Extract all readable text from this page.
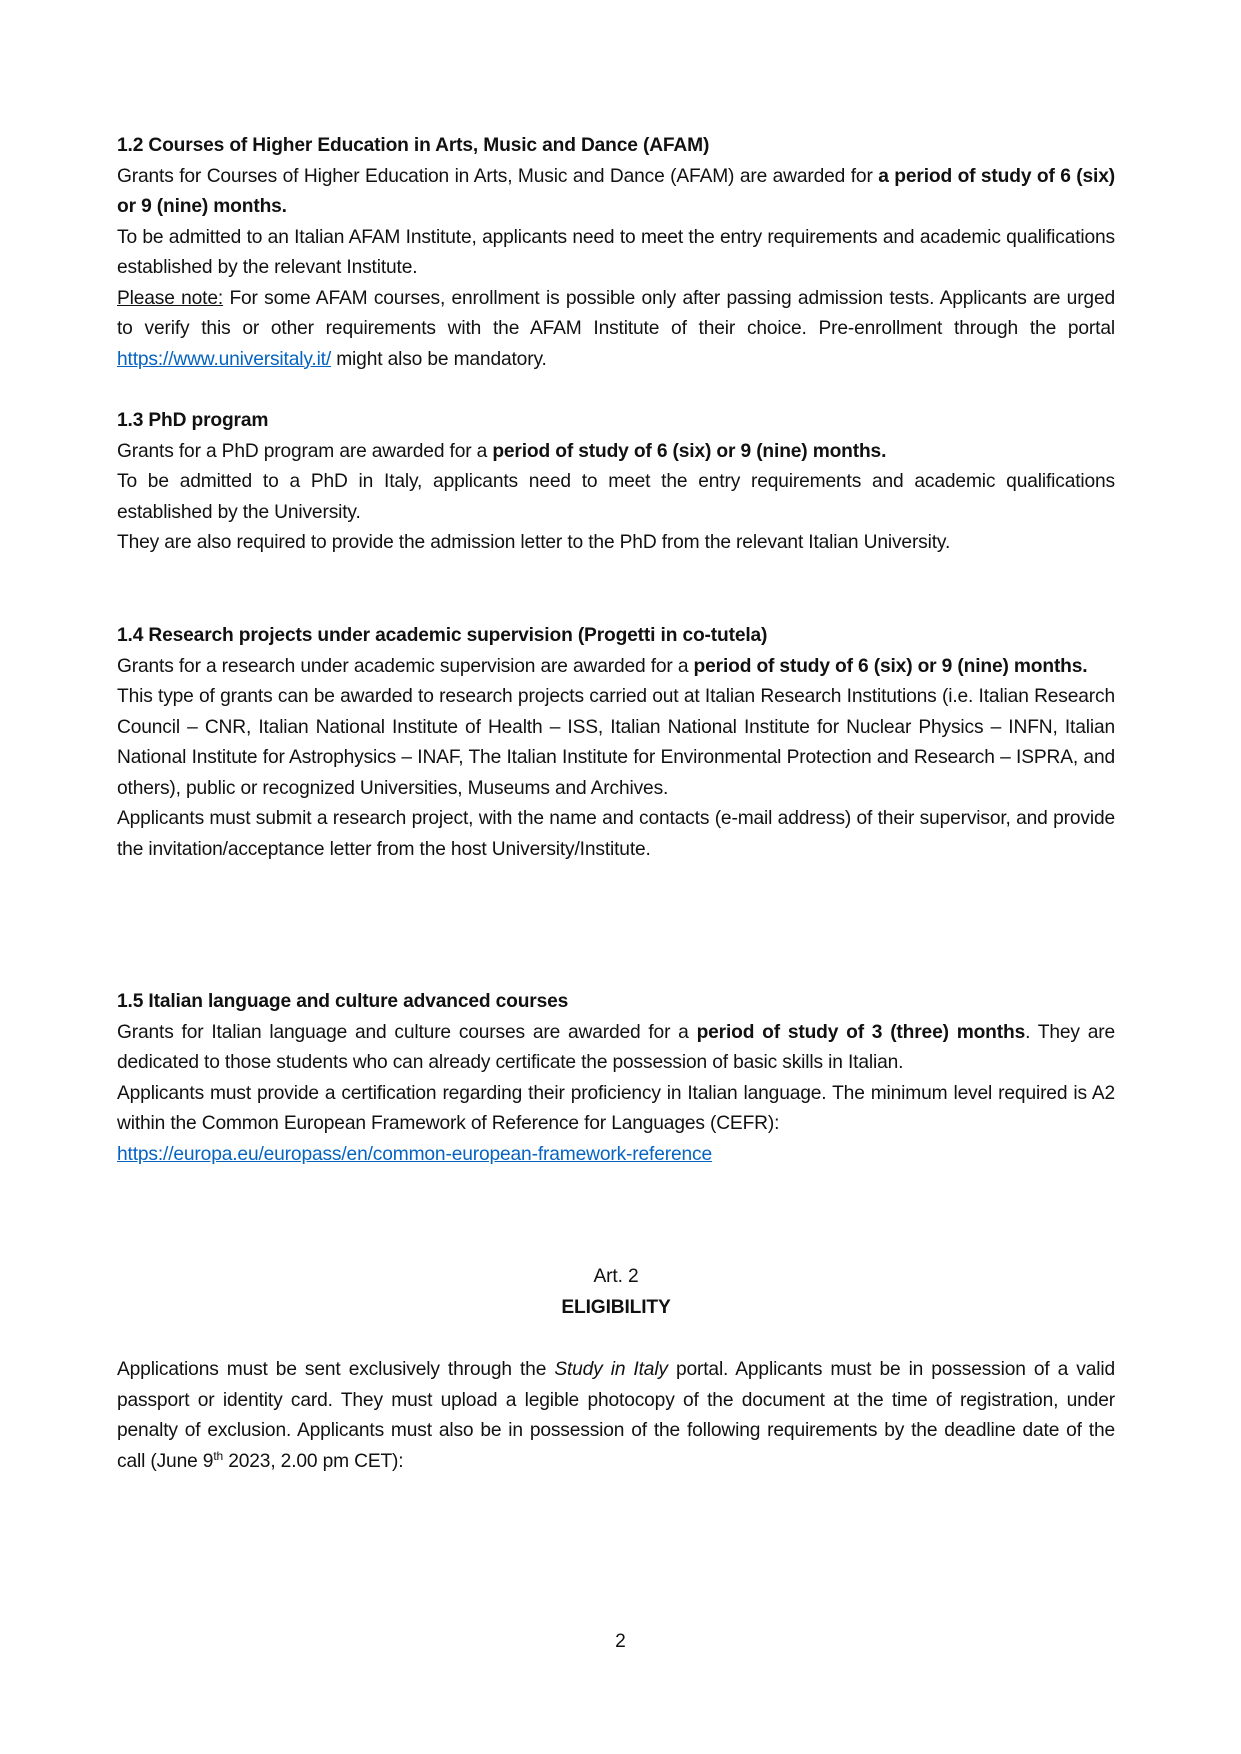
1.2 Courses of Higher Education in Arts, Music and Dance (AFAM)
Grants for Courses of Higher Education in Arts, Music and Dance (AFAM) are awarded for a period of study of 6 (six) or 9 (nine) months.
To be admitted to an Italian AFAM Institute, applicants need to meet the entry requirements and academic qualifications established by the relevant Institute.
Please note: For some AFAM courses, enrollment is possible only after passing admission tests. Applicants are urged to verify this or other requirements with the AFAM Institute of their choice. Pre-enrollment through the portal https://www.universitaly.it/ might also be mandatory.
1.3 PhD program
Grants for a PhD program are awarded for a period of study of 6 (six) or 9 (nine) months.
To be admitted to a PhD in Italy, applicants need to meet the entry requirements and academic qualifications established by the University.
They are also required to provide the admission letter to the PhD from the relevant Italian University.
1.4 Research projects under academic supervision (Progetti in co-tutela)
Grants for a research under academic supervision are awarded for a period of study of 6 (six) or 9 (nine) months.
This type of grants can be awarded to research projects carried out at Italian Research Institutions (i.e. Italian Research Council – CNR, Italian National Institute of Health – ISS, Italian National Institute for Nuclear Physics – INFN, Italian National Institute for Astrophysics – INAF, The Italian Institute for Environmental Protection and Research – ISPRA, and others), public or recognized Universities, Museums and Archives.
Applicants must submit a research project, with the name and contacts (e-mail address) of their supervisor, and provide the invitation/acceptance letter from the host University/Institute.
1.5 Italian language and culture advanced courses
Grants for Italian language and culture courses are awarded for a period of study of 3 (three) months. They are dedicated to those students who can already certificate the possession of basic skills in Italian.
Applicants must provide a certification regarding their proficiency in Italian language. The minimum level required is A2 within the Common European Framework of Reference for Languages (CEFR):
https://europa.eu/europass/en/common-european-framework-reference
Art. 2
ELIGIBILITY
Applications must be sent exclusively through the Study in Italy portal. Applicants must be in possession of a valid passport or identity card. They must upload a legible photocopy of the document at the time of registration, under penalty of exclusion. Applicants must also be in possession of the following requirements by the deadline date of the call (June 9th 2023, 2.00 pm CET):
2
